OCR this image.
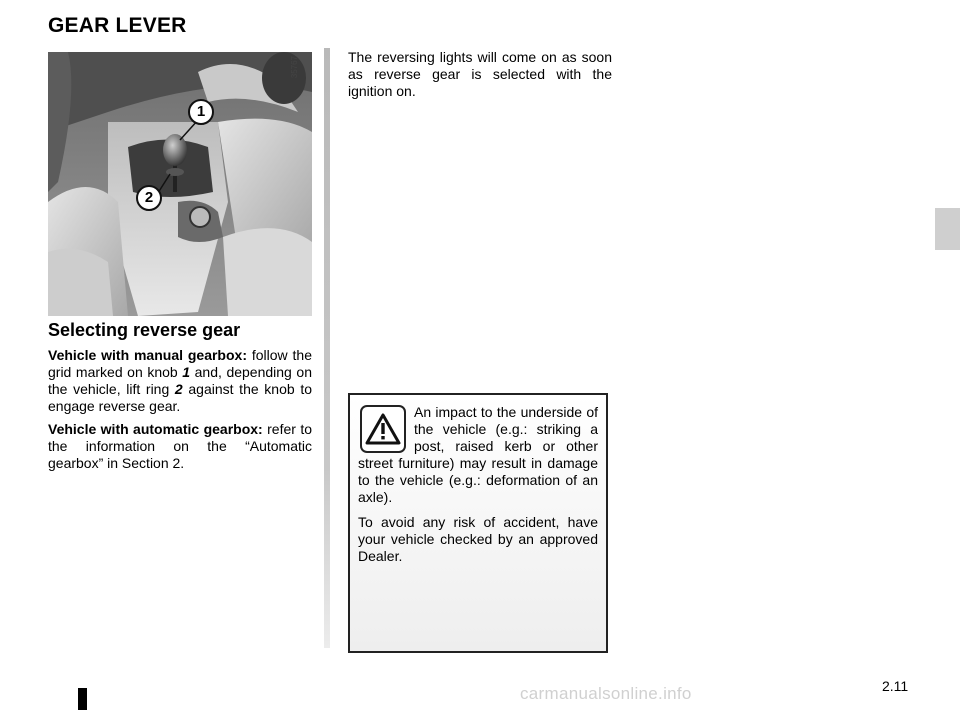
GEAR LEVER
1
2
35767
Selecting reverse gear

Vehicle with manual gearbox: follow the grid marked on knob 1 and, depending on the vehicle, lift ring 2 against the knob to engage reverse gear.

Vehicle with automatic gearbox: refer to the information on the “Automatic gearbox” in Section 2.

The reversing lights will come on as soon as reverse gear is selected with the ignition on.

An impact to the underside of the vehicle (e.g.: striking a post, raised kerb or other street furniture) may result in damage to the vehicle (e.g.: deformation of an axle).

To avoid any risk of accident, have your vehicle checked by an approved Dealer.

2.11
carmanualsonline.info
